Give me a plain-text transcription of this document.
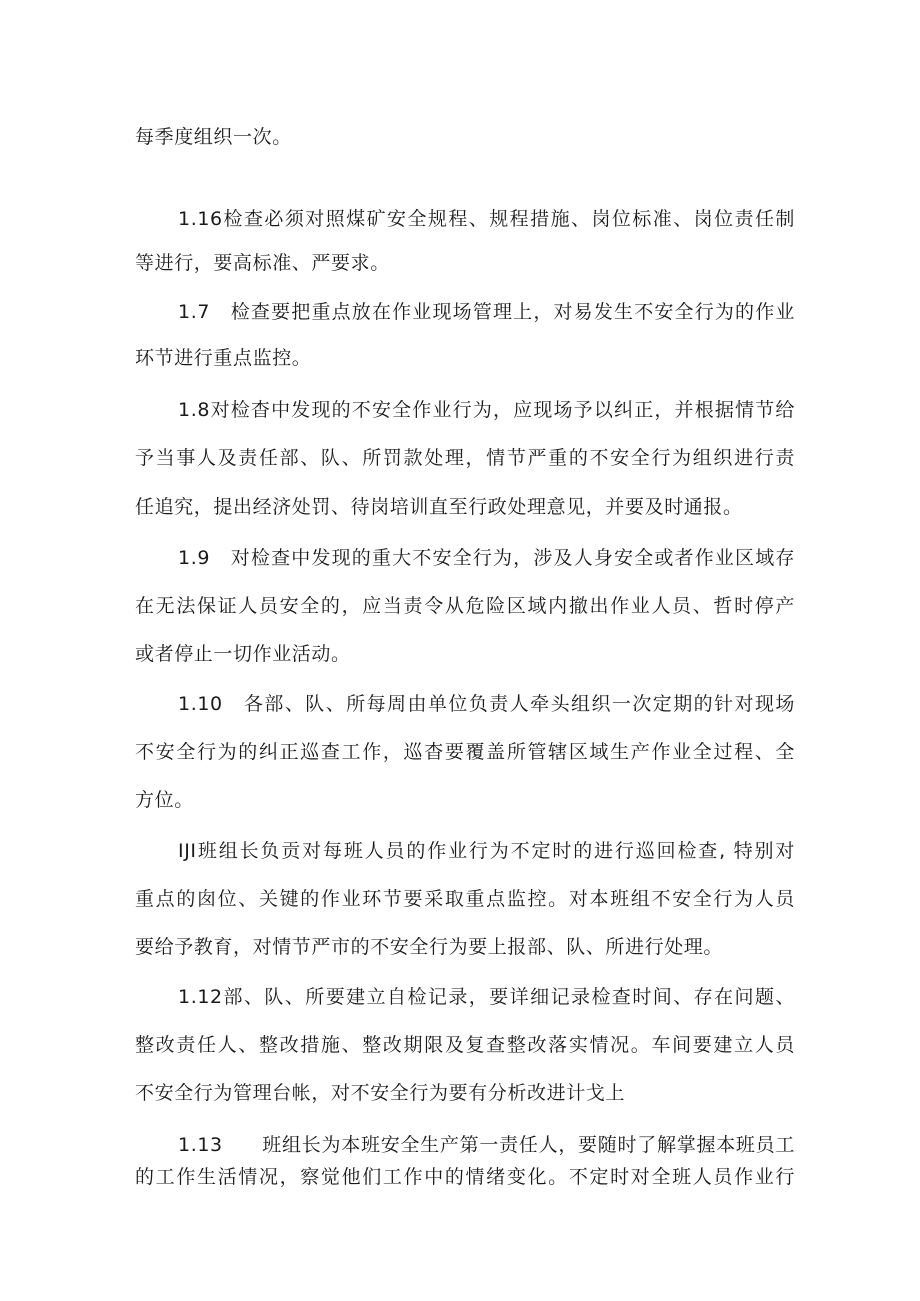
每季度组织一次。
1.16检查必须对照煤矿安全规程、规程措施、岗位标准、岗位责任制
等进行，要高标准、严要求。
1.7　检查要把重点放在作业现场管理上，对易发生不安全行为的作业
环节进行重点监控。
1.8对检杳中发现的不安全作业行为，应现场予以纠正，并根据情节给
予当事人及责任部、队、所罚款处理，情节严重的不安全行为组织进行责
任追究，提出经济处罚、待岗培训直至行政处理意见，并要及时通报。
1.9　对检查中发现的重大不安全行为，涉及人身安全或者作业区域存
在无法保证人员安全的，应当责令从危险区域内撤出作业人员、哲时停产
或者停止一切作业活动。
1.10　各部、队、所每周由单位负责人牵头组织一次定期的针对现场
不安全行为的纠正巡查工作，巡杳要覆盖所管辖区域生产作业全过程、全
方位。
IJI班组长负贡对每班人员的作业行为不定时的进行巡回检查, 特别对
重点的囱位、关键的作业环节要采取重点监控。对本班组不安全行为人员
要给予教育，对情节严市的不安全行为要上报部、队、所进行处理。
1.12部、队、所要建立自检记录，要详细记录检查时间、存在问题、
整改责任人、整改措施、整改期限及复查整改落实情况。车间要建立人员
不安全行为管理台帐，对不安全行为要有分析改进计戈上
1.13　　班组长为本班安全生产第一责任人，要随时了解掌握本班员工
的工作生活情况，察觉他们工作中的情绪变化。不定时对全班人员作业行
